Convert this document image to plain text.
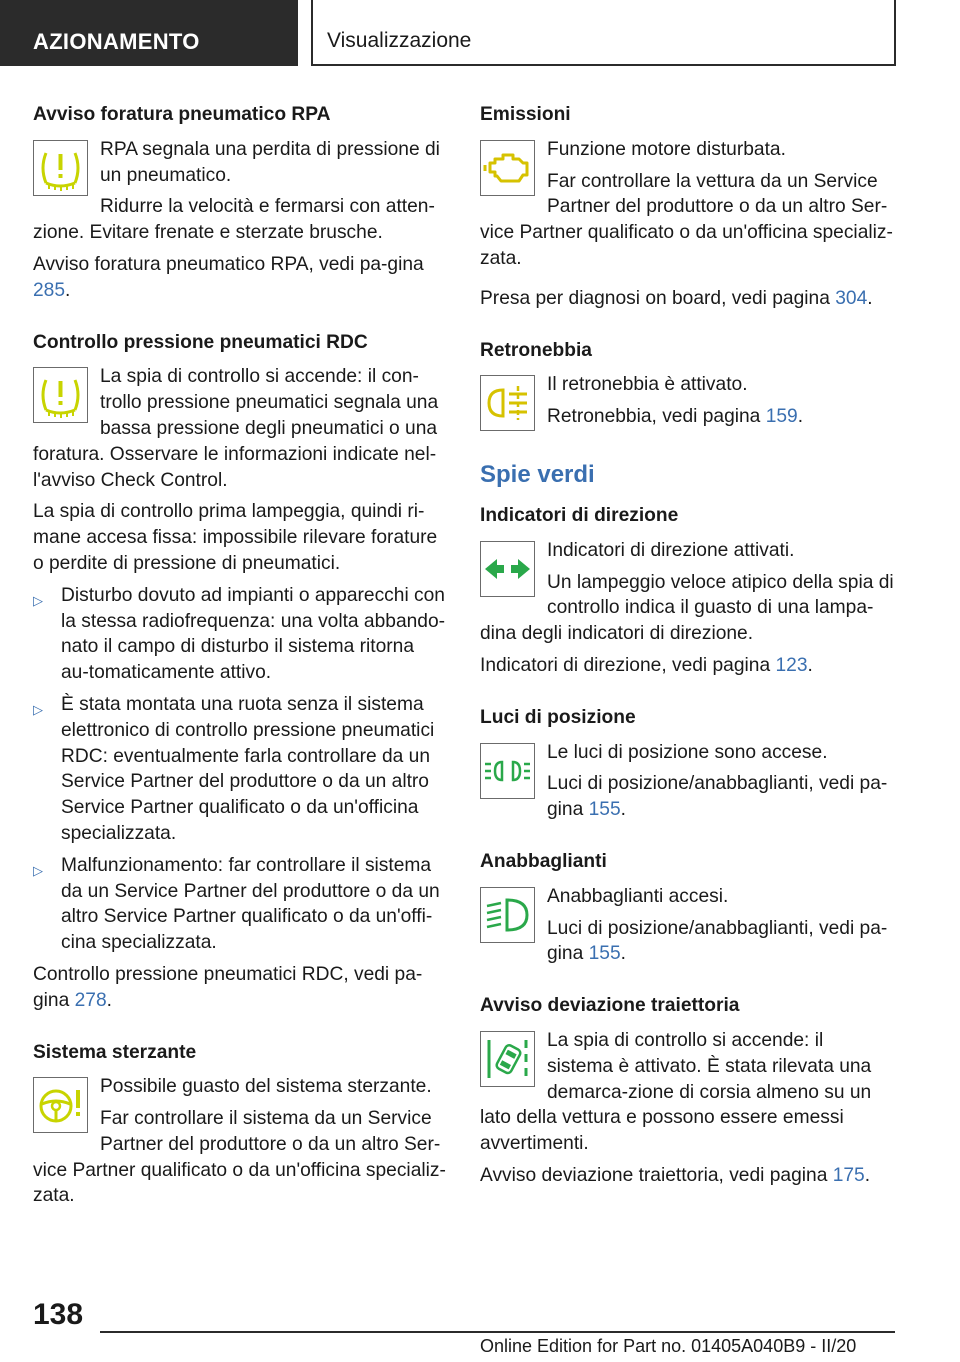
AZIONAMENTO	Visualizzazione
Avviso foratura pneumatico RPA
RPA segnala una perdita di pressione di un pneumatico.
Ridurre la velocità e fermarsi con atten-zione. Evitare frenate e sterzate brusche.
Avviso foratura pneumatico RPA, vedi pa-gina 285.
Controllo pressione pneumatici RDC
La spia di controllo si accende: il con-trollo pressione pneumatici segnala una bassa pressione degli pneumatici o una foratura. Osservare le informazioni indicate nel-l'avviso Check Control.
La spia di controllo prima lampeggia, quindi ri-mane accesa fissa: impossibile rilevare forature o perdite di pressione di pneumatici.
▷ Disturbo dovuto ad impianti o apparecchi con la stessa radiofrequenza: una volta abbando-nato il campo di disturbo il sistema ritorna au-tomaticamente attivo.
▷ È stata montata una ruota senza il sistema elettronico di controllo pressione pneumatici RDC: eventualmente farla controllare da un Service Partner del produttore o da un altro Service Partner qualificato o da un'officina specializzata.
▷ Malfunzionamento: far controllare il sistema da un Service Partner del produttore o da un altro Service Partner qualificato o da un'offi-cina specializzata.
Controllo pressione pneumatici RDC, vedi pa-gina 278.
Sistema sterzante
Possibile guasto del sistema sterzante.
Far controllare il sistema da un Service Partner del produttore o da un altro Ser-vice Partner qualificato o da un'officina specializ-zata.
Emissioni
Funzione motore disturbata.
Far controllare la vettura da un Service Partner del produttore o da un altro Ser-vice Partner qualificato o da un'officina specializ-zata.
Presa per diagnosi on board, vedi pagina 304.
Retronebbia
Il retronebbia è attivato.
Retronebbia, vedi pagina 159.
Spie verdi
Indicatori di direzione
Indicatori di direzione attivati.
Un lampeggio veloce atipico della spia di controllo indica il guasto di una lampa-dina degli indicatori di direzione.
Indicatori di direzione, vedi pagina 123.
Luci di posizione
Le luci di posizione sono accese.
Luci di posizione/anabbaglianti, vedi pa-gina 155.
Anabbaglianti
Anabbaglianti accesi.
Luci di posizione/anabbaglianti, vedi pa-gina 155.
Avviso deviazione traiettoria
La spia di controllo si accende: il sistema è attivato. È stata rilevata una demarca-zione di corsia almeno su un lato della vettura e possono essere emessi avvertimenti.
Avviso deviazione traiettoria, vedi pagina 175.
138
Online Edition for Part no. 01405A040B9 - II/20
